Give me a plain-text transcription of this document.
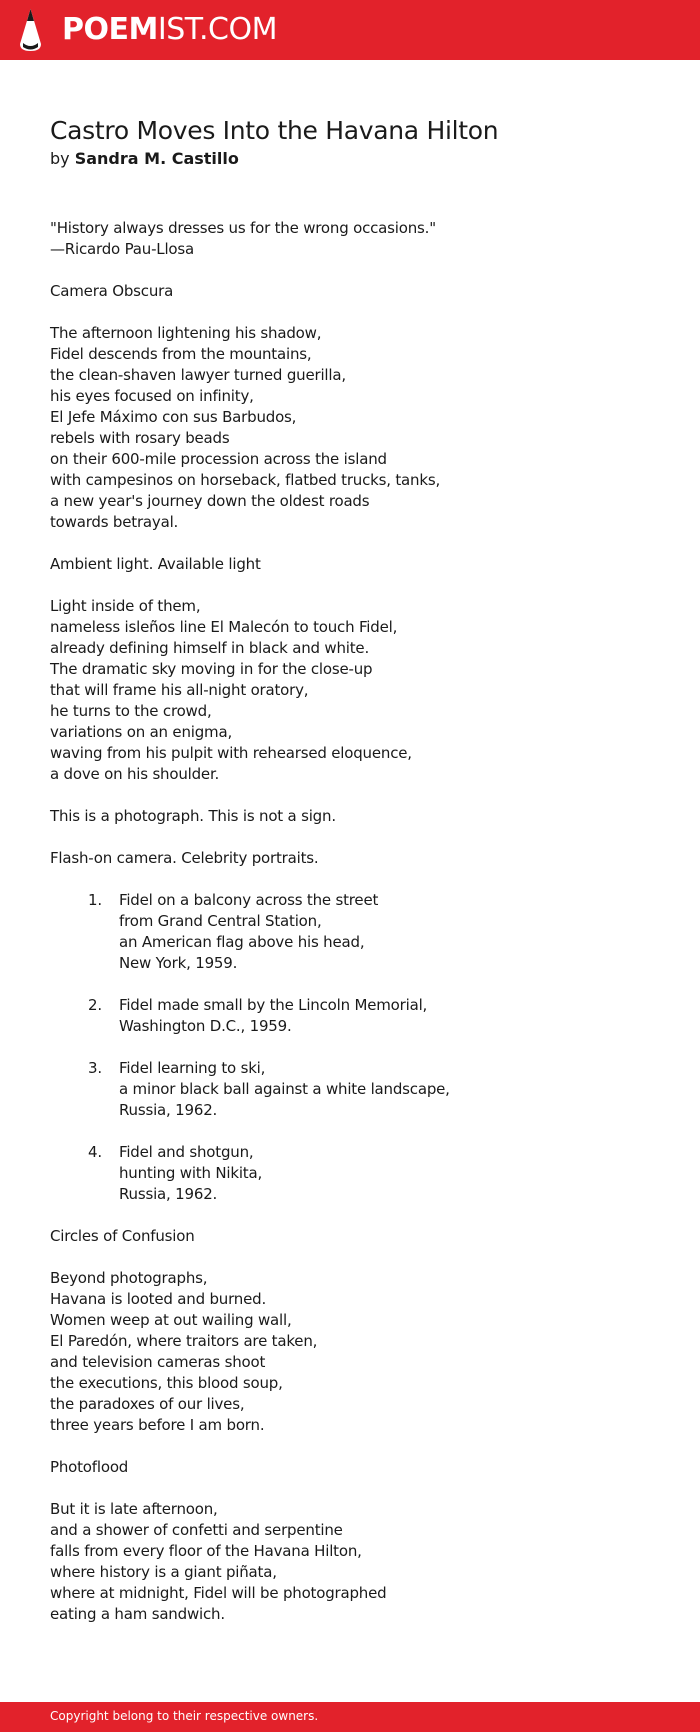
POEMIST.COM
Castro Moves Into the Havana Hilton
by Sandra M. Castillo
"History always dresses us for the wrong occasions."
—Ricardo Pau-Llosa
Camera Obscura
The afternoon lightening his shadow,
Fidel descends from the mountains,
the clean-shaven lawyer turned guerilla,
his eyes focused on infinity,
El Jefe Máximo con sus Barbudos,
rebels with rosary beads
on their 600-mile procession across the island
with campesinos on horseback, flatbed trucks, tanks,
a new year's journey down the oldest roads
towards betrayal.
Ambient light. Available light
Light inside of them,
nameless isleños line El Malecón to touch Fidel,
already defining himself in black and white.
The dramatic sky moving in for the close-up
that will frame his all-night oratory,
he turns to the crowd,
variations on an enigma,
waving from his pulpit with rehearsed eloquence,
a dove on his shoulder.
This is a photograph. This is not a sign.
Flash-on camera. Celebrity portraits.
1.	Fidel on a balcony across the street
from Grand Central Station,
an American flag above his head,
New York, 1959.
2.	Fidel made small by the Lincoln Memorial,
Washington D.C., 1959.
3.	Fidel learning to ski,
a minor black ball against a white landscape,
Russia, 1962.
4.	Fidel and shotgun,
hunting with Nikita,
Russia, 1962.
Circles of Confusion
Beyond photographs,
Havana is looted and burned.
Women weep at out wailing wall,
El Paredón, where traitors are taken,
and television cameras shoot
the executions, this blood soup,
the paradoxes of our lives,
three years before I am born.
Photoflood
But it is late afternoon,
and a shower of confetti and serpentine
falls from every floor of the Havana Hilton,
where history is a giant piñata,
where at midnight, Fidel will be photographed
eating a ham sandwich.
Copyright belong to their respective owners.
